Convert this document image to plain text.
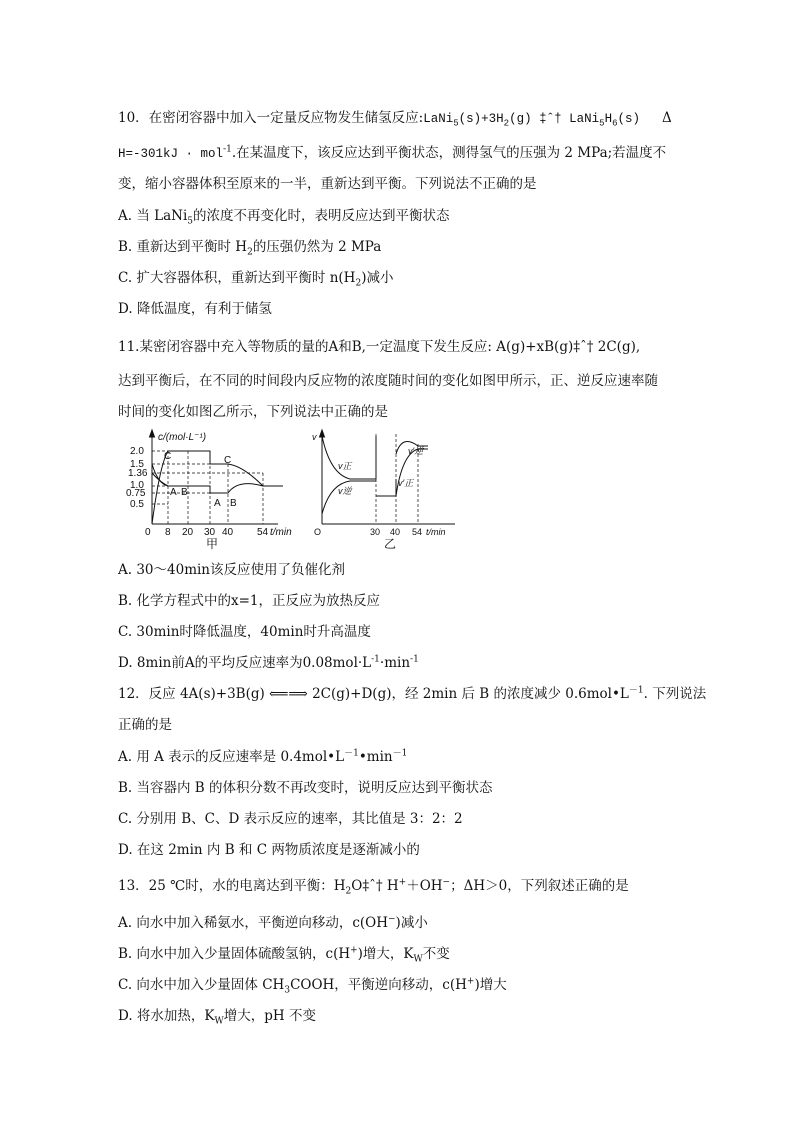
10．在密闭容器中加入一定量反应物发生储氢反应$:LaNi_5(s)+3H_2(g)$ ‡ˆ† $LaNi_5H_6(s)$ Δ
H=-301kJ · mol$^{-1}$.在某温度下，该反应达到平衡状态，测得氢气的压强为 2 MPa;若温度不
变，缩小容器体积至原来的一半，重新达到平衡。下列说法不正确的是
A. 当 LaNi$_5$的浓度不再变化时，表明反应达到平衡状态
B. 重新达到平衡时 $H_2$的压强仍然为 2 MPa
C. 扩大容器体积，重新达到平衡时 $n(H_2)$减小
D. 降低温度，有利于储氢
11.某密闭容器中充入等物质的量的A和B,一定温度下发生反应: A(g)+xB(g)‡ˆ† 2C(g),
达到平衡后，在不同的时间段内反应物的浓度随时间的变化如图甲所示，正、逆反应速率随
时间的变化如图乙所示，下列说法中正确的是
c/(mol·L⁻¹)
2.0
1.5
1.36
1.0
0.75
0.5
0 8 20 30 40 54 t/min
C
A B
C
A B
甲
v
v正
v逆
v′逆
v′正
O	30 40 54 t/min
乙
A. 30～40min该反应使用了负催化剂
B. 化学方程式中的x=1，正反应为放热反应
C. 30min时降低温度，40min时升高温度
D. 8min前A的平均反应速率为$0.08mol\cdot L^{-1}\cdot\min^{-1}$
12．反应 4A(s)+3B(g) ⟸⟹ 2C(g)+D(g)，经 2min 后 B 的浓度减少 $0.6mol•L^{-1}$. 下列说法
正确的是
A. 用 A 表示的反应速率是 $0.4mol•L^{-1}•\min^{-1}$
B. 当容器内 B 的体积分数不再改变时，说明反应达到平衡状态
C. 分别用 B、C、D 表示反应的速率，其比值是 3：2：2
D. 在这 2min 内 B 和 C 两物质浓度是逐渐减小的
13．25 ℃时，水的电离达到平衡：$H_2O\ddagger ˆ\dagger$ H+＋OH−；ΔH＞0，下列叙述正确的是
A. 向水中加入稀氨水，平衡逆向移动，c(OH−)减小
B. 向水中加入少量固体硫酸氢钠，c(H+)增大，$K_W$不变
C. 向水中加入少量固体 $CH_3COOH$，平衡逆向移动，c(H+)增大
D. 将水加热，$K_W$增大，pH 不变
